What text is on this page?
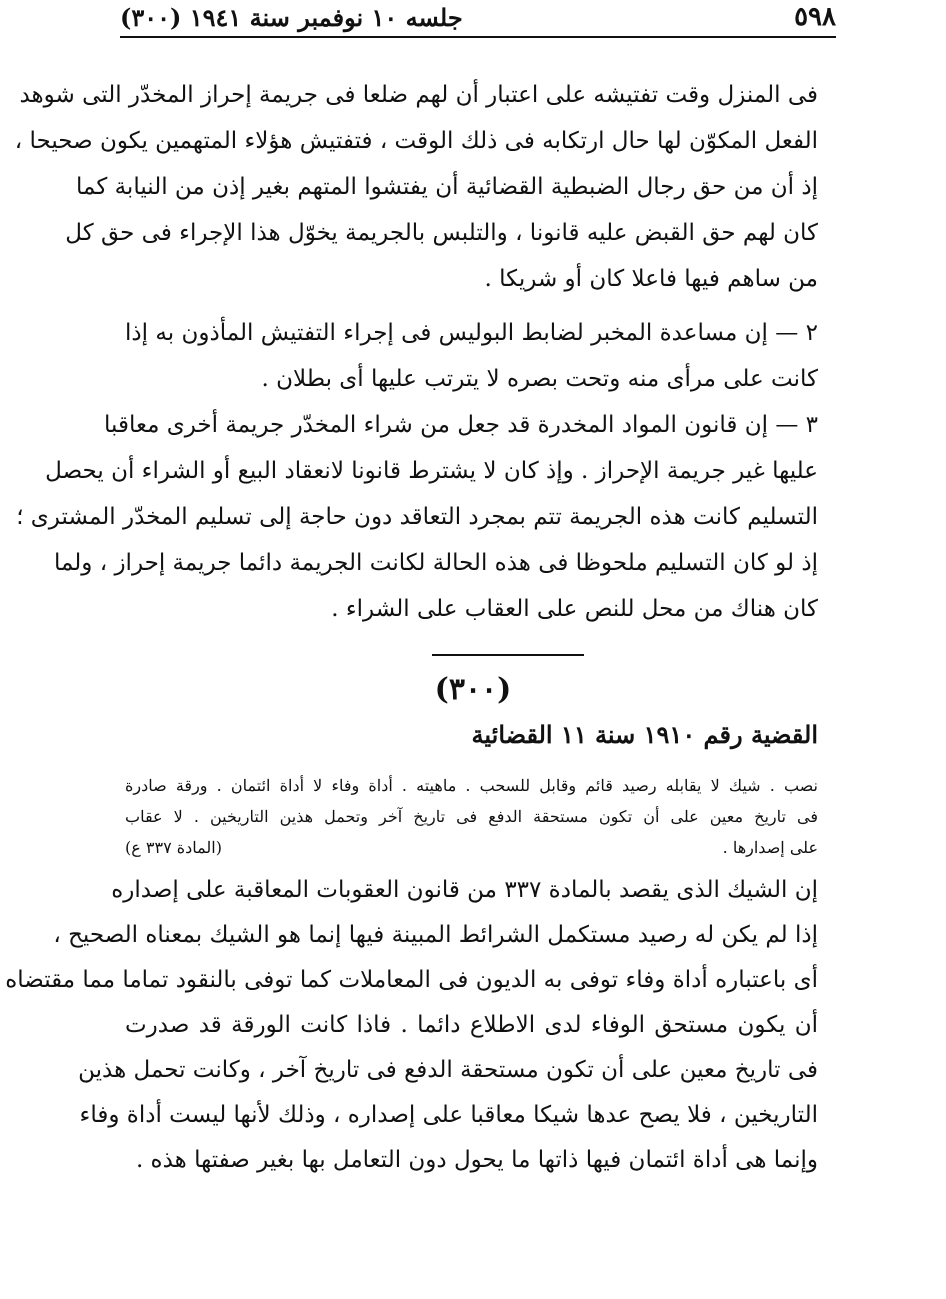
٥٩٨
جلسه ١٠ نوفمبر سنة ١٩٤١ (٣٠٠)
فى المنزل وقت تفتيشه على اعتبار أن لهم ضلعا فى جريمة إحراز المخدّر التى شوهد
الفعل المكوّن لها حال ارتكابه فى ذلك الوقت ، فتفتيش هؤلاء المتهمين يكون صحيحا ،
إذ أن من حق رجال الضبطية القضائية أن يفتشوا المتهم بغير إذن من النيابة كما
كان لهم حق القبض عليه قانونا ، والتلبس بالجريمة يخوّل هذا الإجراء فى حق كل
من ساهم فيها فاعلا كان أو شريكا .
٢ — إن مساعدة المخبر لضابط البوليس فى إجراء التفتيش المأذون به إذا
كانت على مرأى منه وتحت بصره لا يترتب عليها أى بطلان .
٣ — إن قانون المواد المخدرة قد جعل من شراء المخدّر جريمة أخرى معاقبا
عليها غير جريمة الإحراز . وإذ كان لا يشترط قانونا لانعقاد البيع أو الشراء أن يحصل
التسليم كانت هذه الجريمة تتم بمجرد التعاقد دون حاجة إلى تسليم المخدّر المشترى ؛
إذ لو كان التسليم ملحوظا فى هذه الحالة لكانت الجريمة دائما جريمة إحراز ، ولما
كان هناك من محل للنص على العقاب على الشراء .
(٣٠٠)
القضية رقم ١٩١٠ سنة ١١ القضائية
نصب . شيك لا يقابله رصيد قائم وقابل للسحب . ماهيته . أداة وفاء لا أداة ائتمان . ورقة صادرة
فى تاريخ معين على أن تكون مستحقة الدفع فى تاريخ آخر وتحمل هذين التاريخين . لا عقاب
على إصدارها .
(المادة ٣٣٧ ع)
إن الشيك الذى يقصد بالمادة ٣٣٧ من قانون العقوبات المعاقبة على إصداره
إذا لم يكن له رصيد مستكمل الشرائط المبينة فيها إنما هو الشيك بمعناه الصحيح ،
أى باعتباره أداة وفاء توفى به الديون فى المعاملات كما توفى بالنقود تماما مما مقتضاه
أن يكون مستحق الوفاء لدى الاطلاع دائما . فاذا كانت الورقة قد صدرت
فى تاريخ معين على أن تكون مستحقة الدفع فى تاريخ آخر ، وكانت تحمل هذين
التاريخين ، فلا يصح عدها شيكا معاقبا على إصداره ، وذلك لأنها ليست أداة وفاء
وإنما هى أداة ائتمان فيها ذاتها ما يحول دون التعامل بها بغير صفتها هذه .
